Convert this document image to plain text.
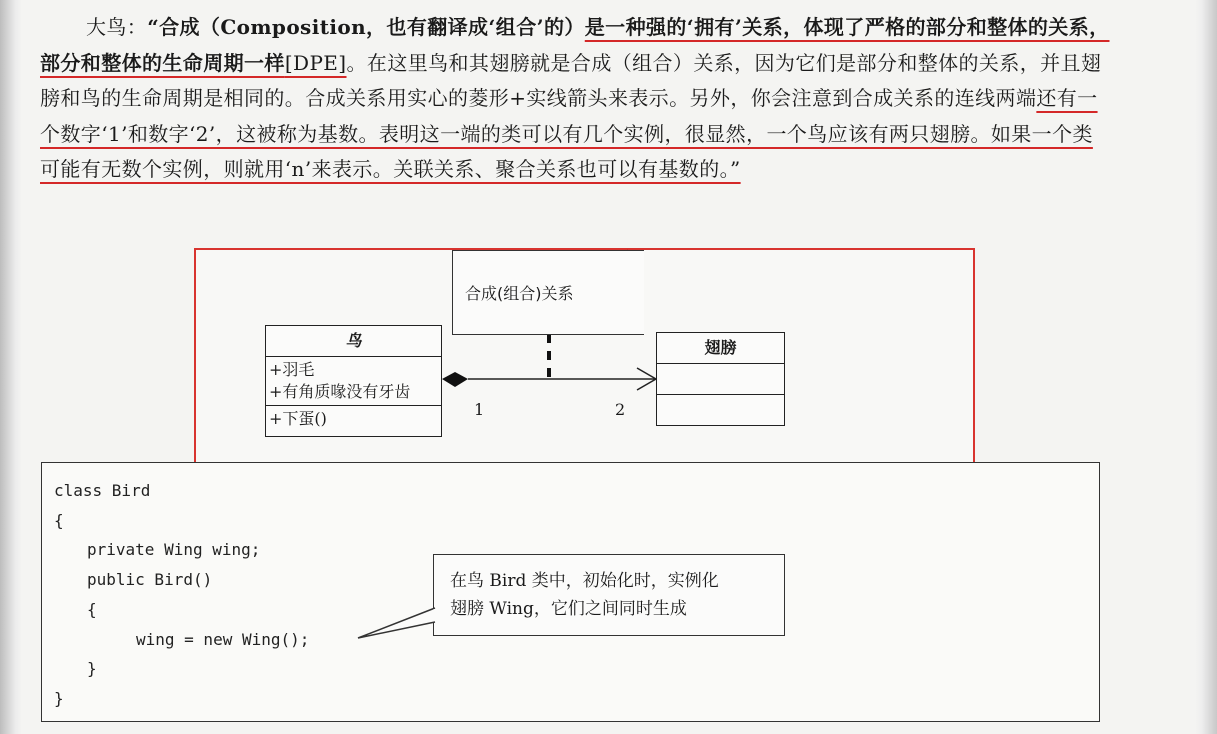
大鸟：“合成（Composition，也有翻译成‘组合’的）是一种强的‘拥有’关系，体现了严格的部分和整体的关系，部分和整体的生命周期一样[DPE]。在这里鸟和其翅膀就是合成（组合）关系，因为它们是部分和整体的关系，并且翅膀和鸟的生命周期是相同的。合成关系用实心的菱形+实线箭头来表示。另外，你会注意到合成关系的连线两端还有一个数字‘1’和数字‘2’，这被称为基数。表明这一端的类可以有几个实例，很显然，一个鸟应该有两只翅膀。如果一个类可能有无数个实例，则就用‘n’来表示。关联关系、聚合关系也可以有基数的。”

合成(组合)关系
鸟
+羽毛
+有角质喙没有牙齿
+下蛋()
翅膀
1	2
class Bird
{
private Wing wing;
public Bird()
{
wing = new Wing();
}
}
在鸟 Bird 类中，初始化时，实例化
翅膀 Wing，它们之间同时生成
